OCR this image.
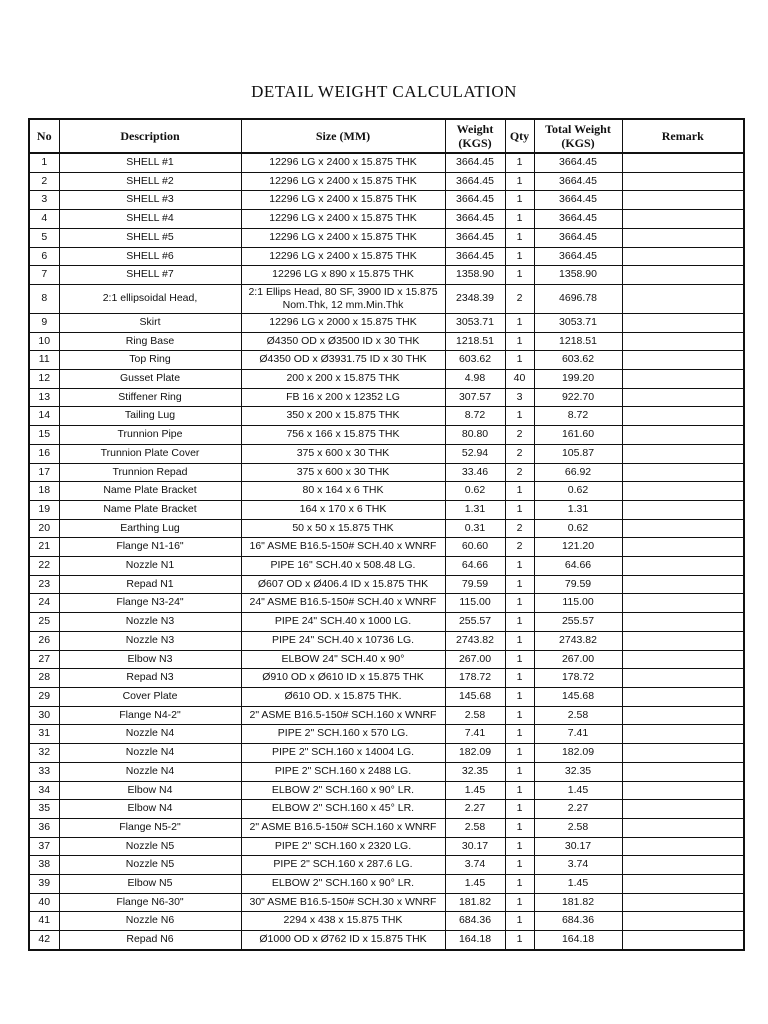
DETAIL WEIGHT CALCULATION
No	Description	Size (MM)	Weight (KGS)	Qty	Total Weight (KGS)	Remark
1	SHELL #1	12296 LG x 2400 x 15.875 THK	3664.45	1	3664.45	
2	SHELL #2	12296 LG x 2400 x 15.875 THK	3664.45	1	3664.45	
3	SHELL #3	12296 LG x 2400 x 15.875 THK	3664.45	1	3664.45	
4	SHELL #4	12296 LG x 2400 x 15.875 THK	3664.45	1	3664.45	
5	SHELL #5	12296 LG x 2400 x 15.875 THK	3664.45	1	3664.45	
6	SHELL #6	12296 LG x 2400 x 15.875 THK	3664.45	1	3664.45	
7	SHELL #7	12296 LG x 890 x 15.875 THK	1358.90	1	1358.90	
8	2:1 ellipsoidal Head,	2:1 Ellips Head, 80 SF, 3900 ID x 15.875 Nom.Thk, 12 mm.Min.Thk	2348.39	2	4696.78	
9	Skirt	12296 LG x 2000 x 15.875 THK	3053.71	1	3053.71	
10	Ring Base	Ø4350 OD x Ø3500 ID x 30 THK	1218.51	1	1218.51	
11	Top Ring	Ø4350 OD x Ø3931.75 ID x 30 THK	603.62	1	603.62	
12	Gusset Plate	200 x 200 x 15.875 THK	4.98	40	199.20	
13	Stiffener Ring	FB 16 x 200 x 12352 LG	307.57	3	922.70	
14	Tailing Lug	350 x 200 x 15.875 THK	8.72	1	8.72	
15	Trunnion Pipe	756 x 166 x 15.875 THK	80.80	2	161.60	
16	Trunnion Plate Cover	375 x 600 x 30 THK	52.94	2	105.87	
17	Trunnion Repad	375 x 600 x 30 THK	33.46	2	66.92	
18	Name Plate Bracket	80 x 164 x 6 THK	0.62	1	0.62	
19	Name Plate Bracket	164 x 170 x 6 THK	1.31	1	1.31	
20	Earthing Lug	50 x 50 x 15.875 THK	0.31	2	0.62	
21	Flange N1-16"	16" ASME B16.5-150# SCH.40 x WNRF	60.60	2	121.20	
22	Nozzle N1	PIPE 16" SCH.40 x 508.48 LG.	64.66	1	64.66	
23	Repad N1	Ø607 OD x Ø406.4 ID x 15.875 THK	79.59	1	79.59	
24	Flange N3-24"	24" ASME B16.5-150# SCH.40 x WNRF	115.00	1	115.00	
25	Nozzle N3	PIPE 24" SCH.40 x 1000 LG.	255.57	1	255.57	
26	Nozzle N3	PIPE 24" SCH.40 x 10736 LG.	2743.82	1	2743.82	
27	Elbow N3	ELBOW 24" SCH.40 x 90°	267.00	1	267.00	
28	Repad N3	Ø910 OD x Ø610 ID x 15.875 THK	178.72	1	178.72	
29	Cover Plate	Ø610 OD. x 15.875 THK.	145.68	1	145.68	
30	Flange N4-2"	2" ASME B16.5-150# SCH.160 x WNRF	2.58	1	2.58	
31	Nozzle N4	PIPE 2" SCH.160 x 570 LG.	7.41	1	7.41	
32	Nozzle N4	PIPE 2" SCH.160 x 14004 LG.	182.09	1	182.09	
33	Nozzle N4	PIPE 2" SCH.160 x 2488 LG.	32.35	1	32.35	
34	Elbow N4	ELBOW 2" SCH.160 x 90° LR.	1.45	1	1.45	
35	Elbow N4	ELBOW 2" SCH.160 x 45° LR.	2.27	1	2.27	
36	Flange N5-2"	2" ASME B16.5-150# SCH.160 x WNRF	2.58	1	2.58	
37	Nozzle N5	PIPE 2" SCH.160 x 2320 LG.	30.17	1	30.17	
38	Nozzle N5	PIPE 2" SCH.160 x 287.6 LG.	3.74	1	3.74	
39	Elbow N5	ELBOW 2" SCH.160 x 90° LR.	1.45	1	1.45	
40	Flange N6-30"	30" ASME B16.5-150# SCH.30 x WNRF	181.82	1	181.82	
41	Nozzle N6	2294 x 438 x 15.875 THK	684.36	1	684.36	
42	Repad N6	Ø1000 OD x Ø762 ID x 15.875 THK	164.18	1	164.18	
